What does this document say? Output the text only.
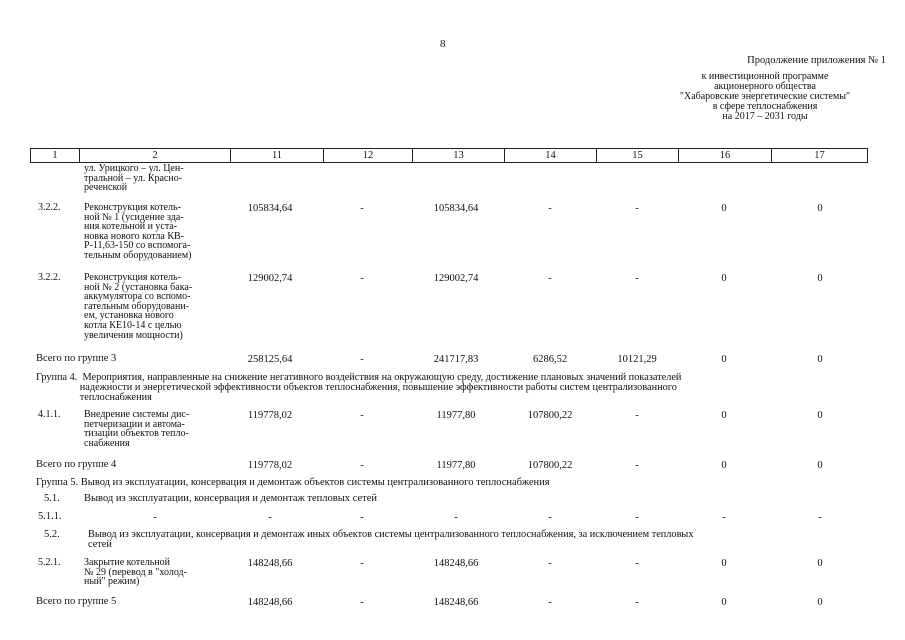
8
Продолжение приложения № 1
к инвестиционной программе
акционерного общества
"Хабаровские энергетические системы"
в сфере теплоснабжения
на 2017 – 2031 годы
1	2	11	12	13	14	15	16	17
ул. Урицкого – ул. Цен-
тральной – ул. Красно-
реченской
3.2.2. Реконструкция котель-
ной № 1 (усидение зда-
ния котельной и уста-
новка нового котла КВ-
Р-11,63-150 со вспомога-
тельным оборудованием)
105834,64	-	105834,64	-	-	0	0
3.2.2. Реконструкция котель-
ной № 2 (установка бака-
аккумулятора со вспомо-
гательным оборудовани-
ем, установка нового
котла КЕ10-14 с целью
увеличения мощности)
129002,74	-	129002,74	-	-	0	0
Всего по группе 3	258125,64	-	241717,83	6286,52	10121,29	0	0
Группа 4.  Мероприятия, направленные на снижение негативного воздействия на окружающую среду, достижение плановых значений показателей
надежности и энергетической эффективности объектов теплоснабжения, повышение эффективности работы систем централизованного
теплоснабжения
4.1.1. Внедрение системы дис-
петчеризации и автома-
тизации объектов тепло-
снабжения
119778,02	-	11977,80	107800,22	-	0	0
Всего по группе 4	119778,02	-	11977,80	107800,22	-	0	0
Группа 5. Вывод из эксплуатации, консервация и демонтаж объектов системы централизованного теплоснабжения
5.1. Вывод из эксплуатации, консервация и демонтаж тепловых сетей
5.1.1.	-	-	-	-	-	-	-	-
5.2.	Вывод из эксплуатации, консервация и демонтаж иных объектов системы централизованного теплоснабжения, за исключением тепловых
сетей
5.2.1. Закрытие котельной
№ 29 (перевод в "холод-
ный" режим)
148248,66	-	148248,66	-	-	0	0
Всего по группе 5	148248,66	-	148248,66	-	-	0	0
